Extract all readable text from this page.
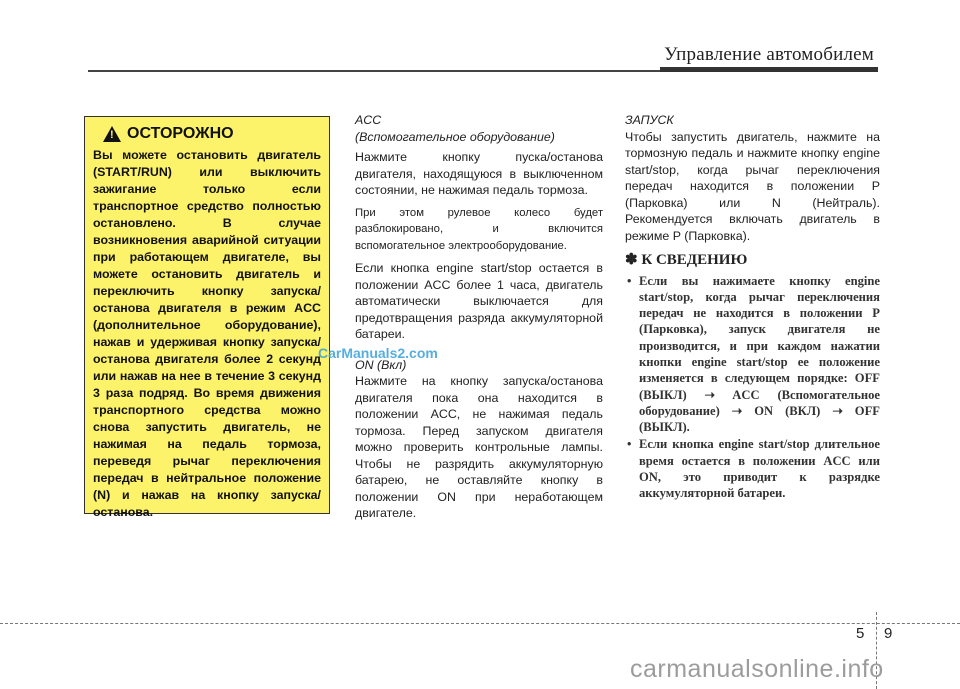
Управление автомобилем
!
ОСТОРОЖНО
Вы можете остановить двигатель (START/RUN) или выключить зажигание только если транспортное средство полностью остановлено. В случае возникновения аварийной ситуации при работающем двигателе, вы можете остановить двигатель и переключить кнопку запуска/останова двигателя в режим ACC (дополнительное оборудование), нажав и удерживая кнопку запуска/останова двигателя более 2 секунд или нажав на нее в течение 3 секунд 3 раза подряд. Во время движения транспортного средства можно снова запустить двигатель, не нажимая на педаль тормоза, переведя рычаг переключения передач в нейтральное положение (N) и нажав на кнопку запуска/останова.
ACC
(Вспомогательное оборудование)

Нажмите кнопку пуска/останова двигателя, находящуюся в выключенном состоянии, не нажимая педаль тормоза.

При этом рулевое колесо будет разблокировано, и включится вспомогательное электрооборудование.

Если кнопка engine start/stop остается в положении ACC более 1 часа, двигатель автоматически выключается для предотвращения разряда аккумуляторной батареи.

ON (Вкл)

Нажмите на кнопку запуска/останова двигателя пока она находится в положении ACC, не нажимая педаль тормоза. Перед запуском двигателя можно проверить контрольные лампы. Чтобы не разрядить аккумуляторную батарею, не оставляйте кнопку в положении ON при неработающем двигателе.

CarManuals2.com
ЗАПУСК

Чтобы запустить двигатель, нажмите на тормозную педаль и нажмите кнопку engine start/stop, когда рычаг переключения передач находится в положении P (Парковка) или N (Нейтраль). Рекомендуется включать двигатель в режиме P (Парковка).

✽ К СВЕДЕНИЮ
• Если вы нажимаете кнопку engine start/stop, когда рычаг переключения передач не находится в положении P (Парковка), запуск двигателя не производится, и при каждом нажатии кнопки engine start/stop ее положение изменяется в следующем порядке: OFF (ВЫКЛ) ➝ ACC (Вспомогательное оборудование) ➝ ON (ВКЛ) ➝ OFF (ВЫКЛ).
• Если кнопка engine start/stop длительное время остается в положении ACC или ON, это приводит к разрядке аккумуляторной батареи.
5 9
carmanualsonline.info
